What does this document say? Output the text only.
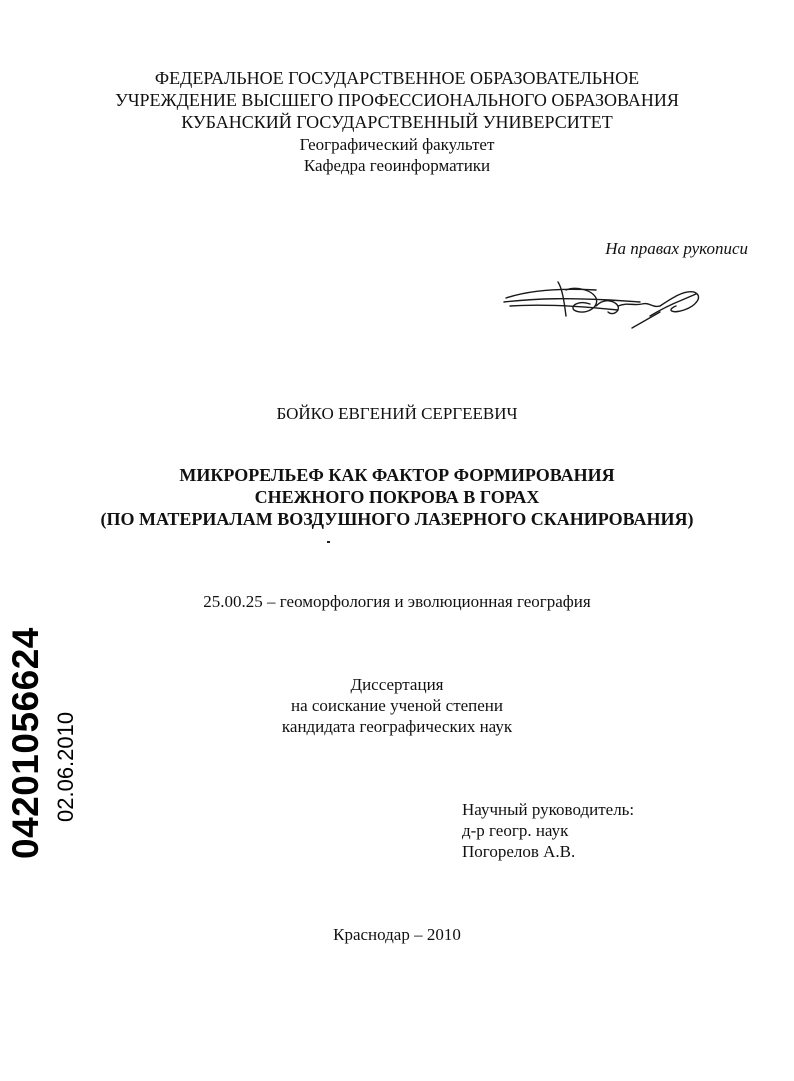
ФЕДЕРАЛЬНОЕ ГОСУДАРСТВЕННОЕ ОБРАЗОВАТЕЛЬНОЕ
УЧРЕЖДЕНИЕ ВЫСШЕГО ПРОФЕССИОНАЛЬНОГО ОБРАЗОВАНИЯ
КУБАНСКИЙ ГОСУДАРСТВЕННЫЙ УНИВЕРСИТЕТ
Географический факультет
Кафедра геоинформатики
На правах рукописи
БОЙКО ЕВГЕНИЙ СЕРГЕЕВИЧ
МИКРОРЕЛЬЕФ КАК ФАКТОР ФОРМИРОВАНИЯ
СНЕЖНОГО ПОКРОВА В ГОРАХ
(ПО МАТЕРИАЛАМ ВОЗДУШНОГО ЛАЗЕРНОГО СКАНИРОВАНИЯ)
25.00.25 – геоморфология и эволюционная география
Диссертация
на соискание ученой степени
кандидата географических наук
Научный руководитель:
д-р геогр. наук
Погорелов А.В.
Краснодар – 2010
04201056624 02.06.2010
